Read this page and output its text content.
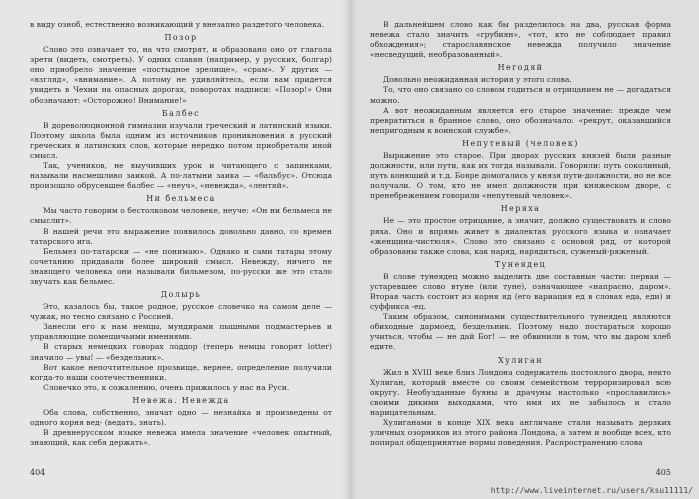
в виду озноб, естественно возникающий у внезапно раздетого человека.

Позор

Слово это означает то, на что смотрят, и образовано оно от глагола зрети (видеть, смотреть). У одних славян (например, у русских, болгар) оно приобрело значение «постыдное зрелище», «срам». У других — «взгляд», «внимание». А потому не удивляйтесь, если вам придется увидеть в Чехии на опасных дорогах, поворотах надписи: «Позор!» Они обозначают: «Осторожно! Внимание!»

Балбес

В дореволюционной гимназии изучали греческий и латинский языки. Поэтому школа была одним из источников проникновения в русский греческих и латинских слов, которые нередко потом приобретали иной смысл.

Так, учеников, не выучивших урок и читающего с запинками, называли насмешливо заикой. А по-латыни заика — «бальбус». Отсюда произошло обрусевшее балбес — «неуч», «невежда», «лентяй».

Ни бельмеса

Мы часто говорим о бестолковом человеке, неуче: «Он ни бельмеса не смыслит».

В нашей речи это выражение появилось довольно давно, со времен татарского ига.

Бельмез по-татарски — «не понимаю». Однако и сами татары этому сочетанию придавали более широкий смысл. Невежду, ничего не знающего человека они называли бильмезом, по-русски же это стало звучать как бельмес.

Долырь

Это, казалось бы, такое родное, русское словечко на самом деле — чужак, но тесно связано с Россией.

Занесли его к нам немцы, мундирами пышными подмастерьев и управляющие помещичьими имениями.

В старых немецких говорах лоддор (теперь немцы говорят lotter) значило — увы! — «бездельник».

Вот какое непочтительное прозвище, вернее, определение получили когда-то наши соотечественники.

Словечко это, к сожалению, очень прижилось у нас на Руси.

Невежа. Невежда

Оба слова, собственно, значат одно — незнайка и произведены от одного корня вед- (ведать, знать).

В древнерусском языке невежа имела значение «человек опытный, знающий, как себя держать».

404

В дальнейшем слово как бы разделилось на два, русская форма невежа стало значить «грубиян», «тот, кто не соблюдает правил обхождения»; старославянское невежда получило значение «несведущий, необразованный».

Негодяй

Довольно неожиданная история у этого слова.

То, что оно связано со словом годиться и отрицанием не — догадаться можно.

А вот неожиданным является его старое значение: прежде чем превратиться в бранное слово, оно обозначало: «рекрут, оказавшийся непригодным к воинской службе».

Непутевый (человек)

Выражение это старое. При дворах русских князей были разные должности, или пути, как их тогда называли. Говорили: путь соколиный, путь конюший и т.д. Бояре домогались у князя пути-должности, но не все получали. О том, кто не имел должности при княжеском дворе, с пренебрежением говорили «непутевый человек».

Неряха

Не — это простое отрицание, а значит, должно существовать и слово ряха. Оно и впрямь живет в диалектах русского языка и означает «женщина-чистюля». Слово это связано с основой ряд, от которой образованы также слова, как наряд, нарядиться, суженый-ряженый.

Тунеядец

В слове тунеядец можно выделить две составные части: первая — устаревшее слово втуне (или туне), означающее «напрасно, даром». Вторая часть состоит из корня яд (его вариация ед в словах еда, еди) и суффикса -ец.

Таким образом, синонимами существительного тунеядец являются обиходные дармоед, бездельник. Поэтому надо постараться хорошо учиться, чтобы — не дай Бог! — не обвинили в том, что вы даром хлеб едите.

Хулиган

Жил в XVIII веке близ Лондона содержатель постоялого двора, некто Хулиган, который вместе со своим семейством терроризировал всю округу. Необузданные буяны и драчуны настолько «прославились» своими дикими выходками, что имя их не забылось и стало нарицательным.

Хулиганами в конце XIX века англичане стали называть дерзких уличных озорников из этого района Лондона, а затем и вообще всех, кто попирал общепринятые нормы поведения. Распространению слова

405
http://www.liveinternet.ru/users/ksu11111/
